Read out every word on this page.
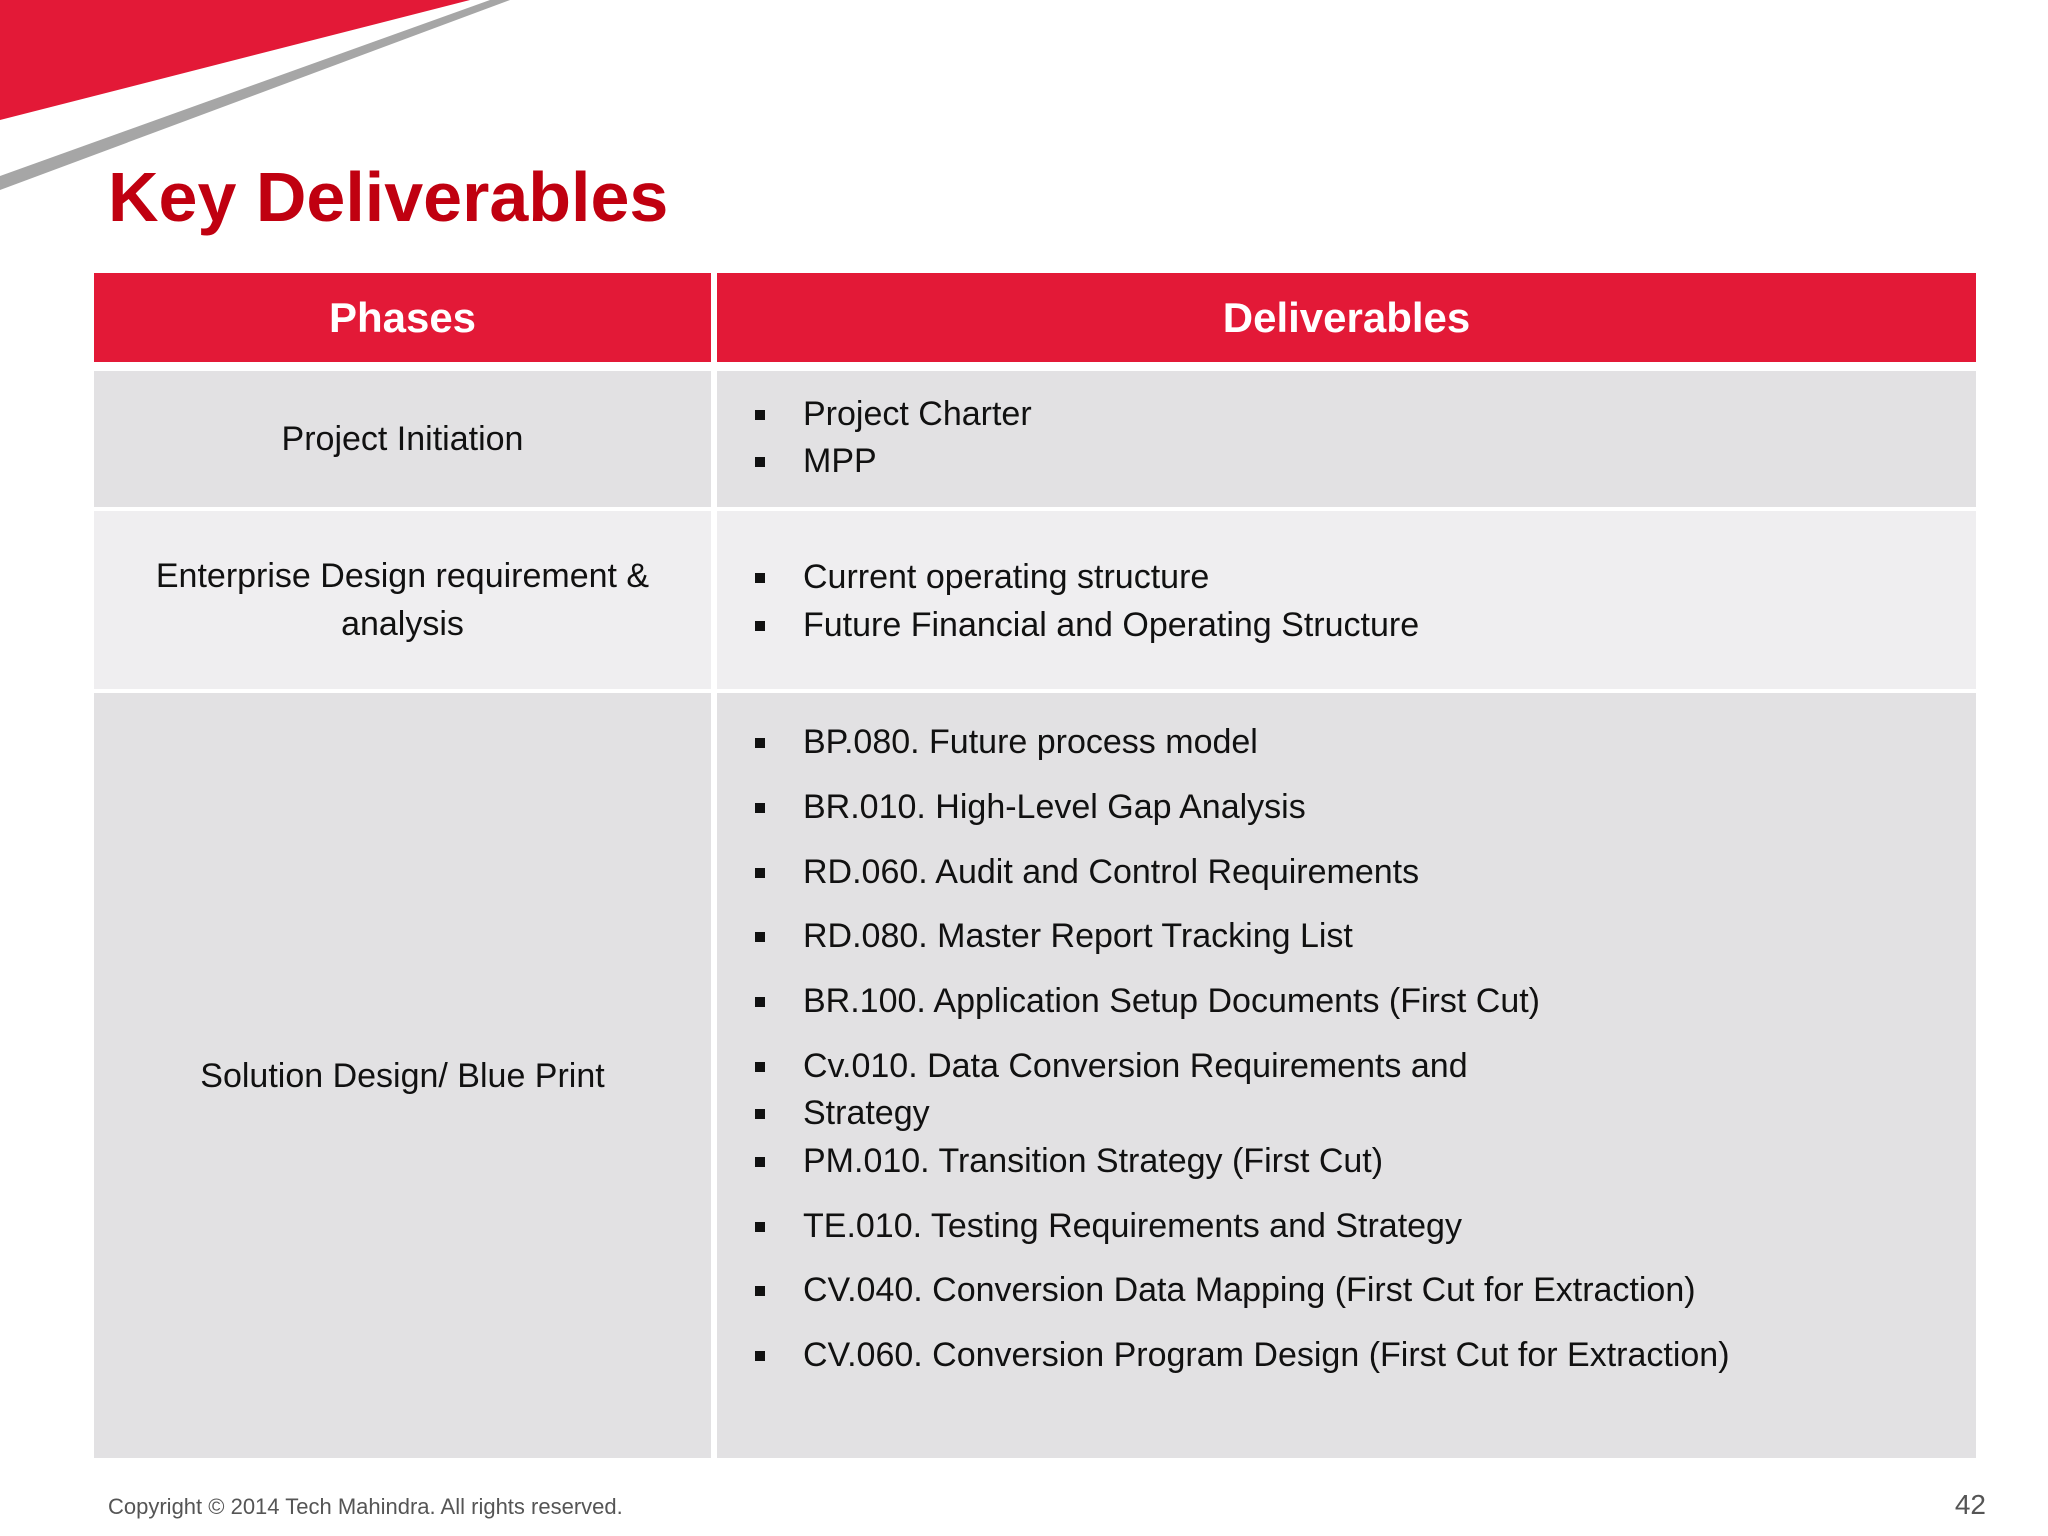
Key Deliverables
Phases	Deliverables
Project Initiation
Project Charter
MPP
Enterprise Design requirement &
analysis
Current operating structure
Future Financial and Operating Structure
Solution Design/ Blue Print
BP.080. Future process model
BR.010. High-Level Gap Analysis
RD.060. Audit and Control Requirements
RD.080. Master Report Tracking List
BR.100. Application Setup Documents (First Cut)
Cv.010. Data Conversion Requirements and
Strategy
PM.010. Transition Strategy (First Cut)
TE.010. Testing Requirements and Strategy
CV.040. Conversion Data Mapping (First Cut for Extraction)
CV.060. Conversion Program Design (First Cut for Extraction)
Copyright © 2014 Tech Mahindra. All rights reserved.	42
